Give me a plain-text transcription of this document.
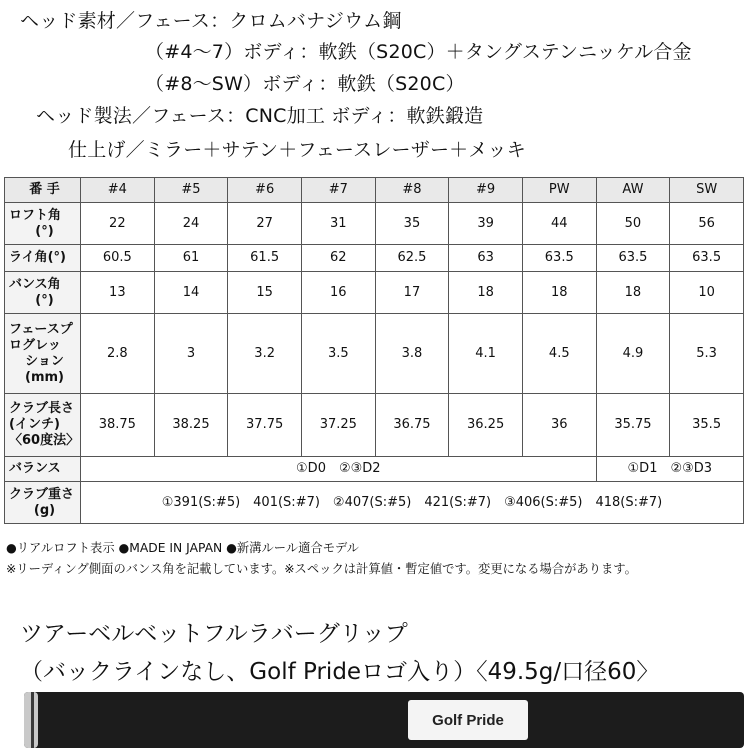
ヘッド素材／フェース：クロムバナジウム鋼
（#4〜7）ボディ：軟鉄（S20C）＋タングステンニッケル合金
（#8〜SW）ボディ：軟鉄（S20C）
ヘッド製法／フェース：CNC加工 ボディ：軟鉄鍛造
仕上げ／ミラー＋サテン＋フェースレーザー＋メッキ
番 手	#4	#5	#6	#7	#8	#9	PW	AW	SW
ロフト角

(°)	22	24	27	31	35	39	44	50	56
ライ角(°)	60.5	61	61.5	62	62.5	63	63.5	63.5	63.5
バンス角

(°)	13	14	15	16	17	18	18	18	10
フェースプ
ログレッ

ション
(mm)	2.8	3	3.2	3.5	3.8	4.1	4.5	4.9	5.3
クラブ長さ
(インチ)
〈60度法〉	38.75	38.25	37.75	37.25	36.75	36.25	36	35.75	35.5
バランス	①D0　②③D2							①D1　②③D3	
クラブ重さ

(g)	①391(S:#5)　401(S:#7)　②407(S:#5)　421(S:#7)　③406(S:#5)　418(S:#7)								
●リアルロフト表示 ●MADE IN JAPAN ●新溝ルール適合モデル
※リーディング側面のバンス角を記載しています。※スペックは計算値・暫定値です。変更になる場合があります。
ツアーベルベットフルラバーグリップ
（バックラインなし、Golf Prideロゴ入り）〈49.5g/口径60〉
Golf Pride
